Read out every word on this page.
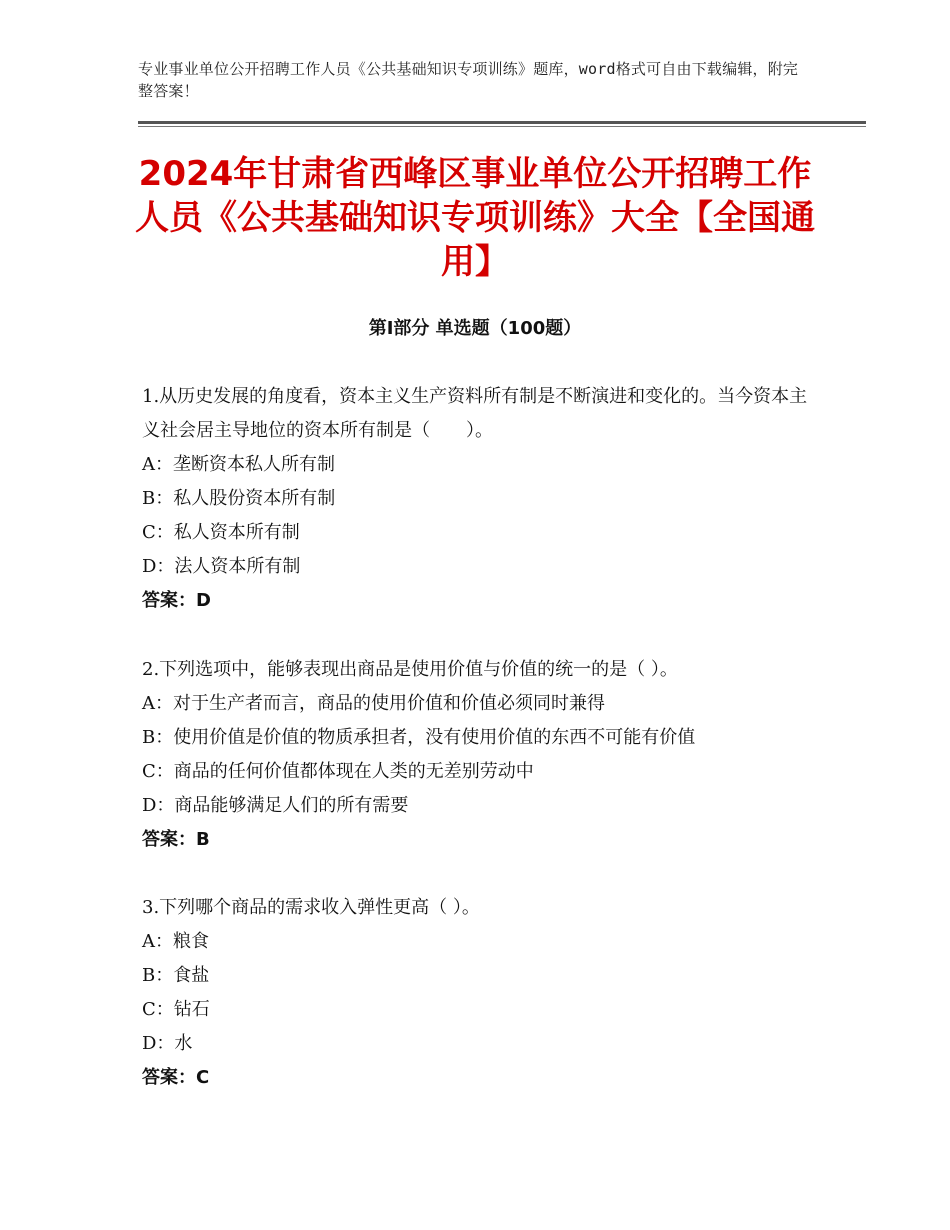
专业事业单位公开招聘工作人员《公共基础知识专项训练》题库，word格式可自由下载编辑，附完整答案！
2024年甘肃省西峰区事业单位公开招聘工作人员《公共基础知识专项训练》大全【全国通用】
第Ⅰ部分 单选题（100题）

1.从历史发展的角度看，资本主义生产资料所有制是不断演进和变化的。当今资本主义社会居主导地位的资本所有制是（　　）。

A：垄断资本私人所有制

B：私人股份资本所有制

C：私人资本所有制

D：法人资本所有制

答案：D

2.下列选项中，能够表现出商品是使用价值与价值的统一的是（ ）。

A：对于生产者而言，商品的使用价值和价值必须同时兼得

B：使用价值是价值的物质承担者，没有使用价值的东西不可能有价值

C：商品的任何价值都体现在人类的无差别劳动中

D：商品能够满足人们的所有需要

答案：B

3.下列哪个商品的需求收入弹性更高（ ）。

A：粮食

B：食盐

C：钻石

D：水

答案：C
